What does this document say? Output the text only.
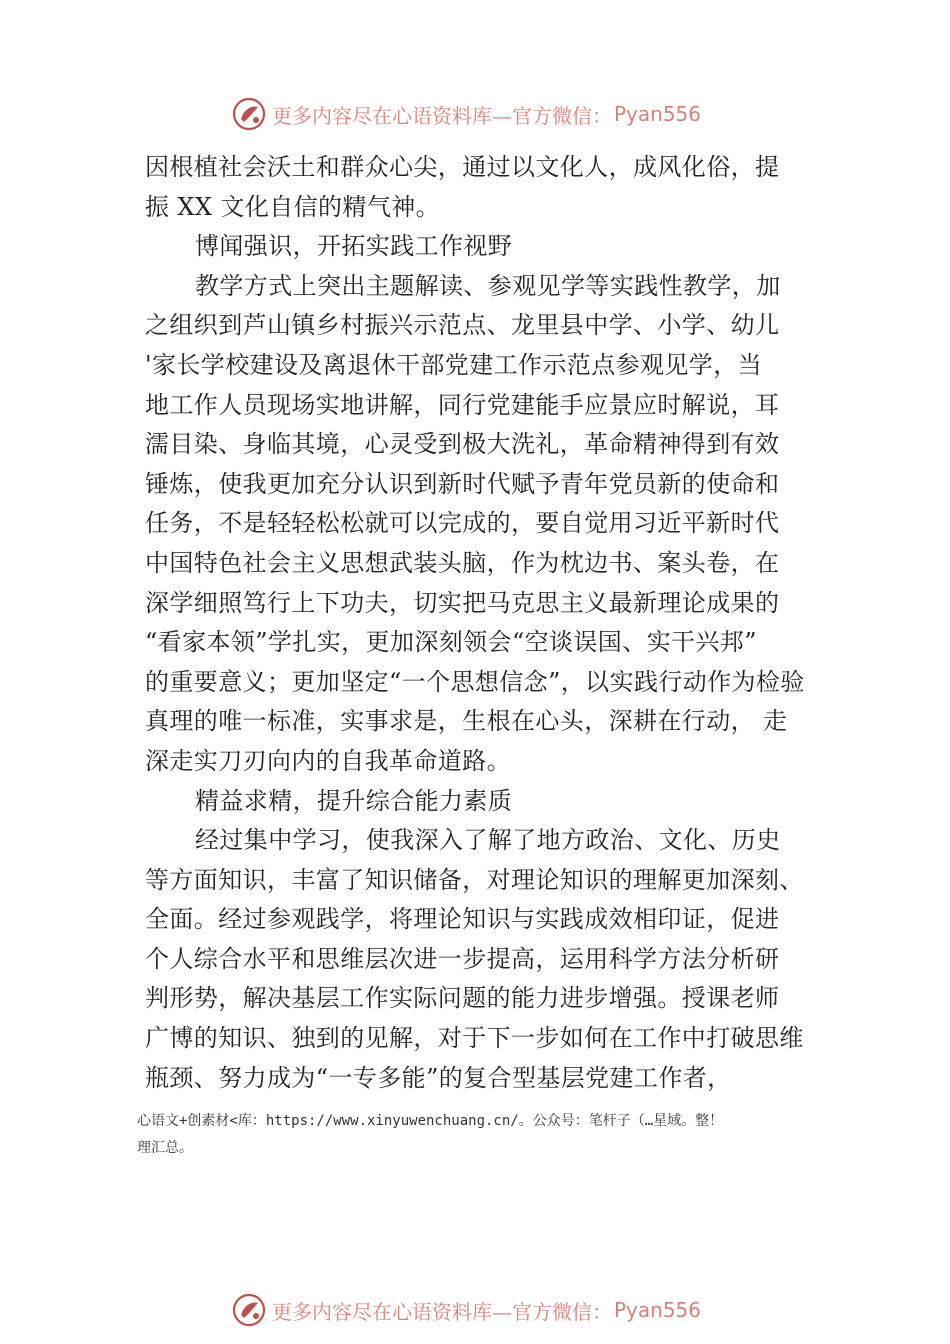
更多内容尽在心语资料库—官方微信： Pyan556
因根植社会沃土和群众心尖，通过以文化人，成风化俗，提
振 XX 文化自信的精气神。
博闻强识，开拓实践工作视野
教学方式上突出主题解读、参观见学等实践性教学，加
之组织到芦山镇乡村振兴示范点、龙里县中学、小学、幼儿
'家长学校建设及离退休干部党建工作示范点参观见学，当
地工作人员现场实地讲解，同行党建能手应景应时解说，耳
濡目染、身临其境，心灵受到极大洗礼，革命精神得到有效
锤炼，使我更加充分认识到新时代赋予青年党员新的使命和
任务，不是轻轻松松就可以完成的，要自觉用习近平新时代
中国特色社会主义思想武装头脑，作为枕边书、案头卷，在
深学细照笃行上下功夫，切实把马克思主义最新理论成果的
“看家本领”学扎实，更加深刻领会“空谈误国、实干兴邦”
的重要意义；更加坚定“一个思想信念”，以实践行动作为检验
真理的唯一标准，实事求是，生根在心头，深耕在行动， 走
深走实刀刃向内的自我革命道路。
精益求精，提升综合能力素质
经过集中学习，使我深入了解了地方政治、文化、历史
等方面知识，丰富了知识储备，对理论知识的理解更加深刻、
全面。经过参观践学，将理论知识与实践成效相印证，促进
个人综合水平和思维层次进一步提高，运用科学方法分析研
判形势，解决基层工作实际问题的能力进步增强。授课老师
广博的知识、独到的见解，对于下一步如何在工作中打破思维
瓶颈、努力成为“一专多能”的复合型基层党建工作者，
心语文+创素材<库：https://www.xinyuwenchuang.cn/。公众号：笔杆子（…星域。整！
理汇总。
更多内容尽在心语资料库—官方微信： Pyan556
